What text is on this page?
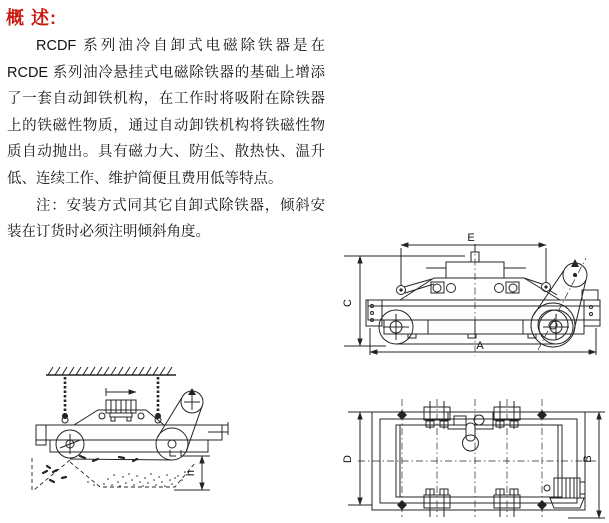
概 述:

RCDF 系列油冷自卸式电磁除铁器是在 RCDE 系列油冷悬挂式电磁除铁器的基础上增添了一套自动卸铁机构，在工作时将吸附在除铁器上的铁磁性物质，通过自动卸铁机构将铁磁性物质自动抛出。具有磁力大、防尘、散热快、温升低、连续工作、维护简便且费用低等特点。

注：安装方式同其它自卸式除铁器，倾斜安装在订货时必须注明倾斜角度。	E
C
A
D	B
h
